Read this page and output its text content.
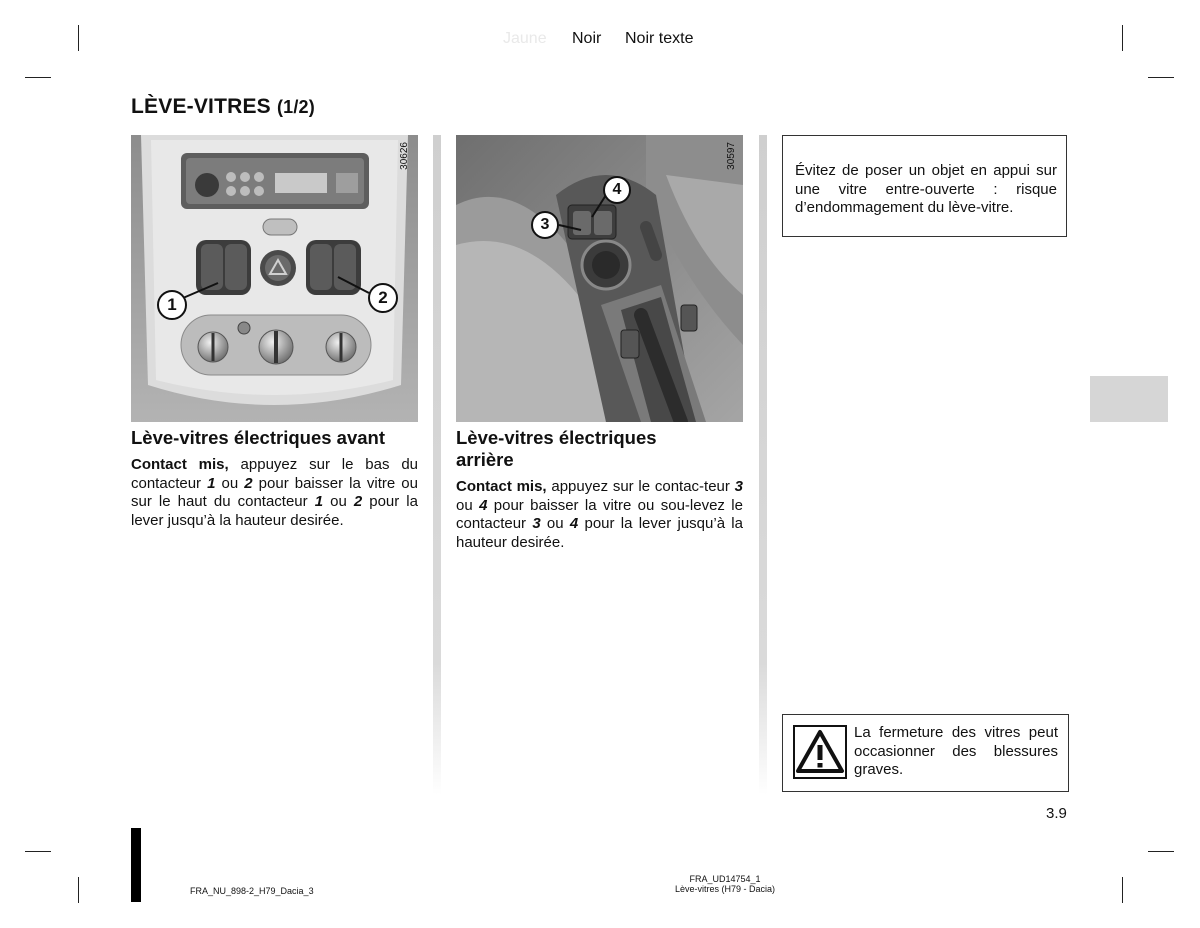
Jaune Noir Noir texte
LÈVE-VITRES (1/2)
1	2
30626
3
4
30597
Lève-vitres électriques avant

Contact mis, appuyez sur le bas du contacteur 1 ou 2 pour baisser la vitre ou sur le haut du contacteur 1 ou 2 pour la lever jusqu’à la hauteur desirée.

Lève-vitres électriques
arrière

Contact mis, appuyez sur le contac-teur 3 ou 4 pour baisser la vitre ou sou-levez le contacteur 3 ou 4 pour la lever jusqu’à la hauteur desirée.

Évitez de poser un objet en appui sur une vitre entre-ouverte : risque d’endommagement du lève-vitre.

La fermeture des vitres peut occasionner des blessures graves.

3.9
FRA_NU_898-2_H79_Dacia_3
FRA_UD14754_1
Lève-vitres (H79 - Dacia)
